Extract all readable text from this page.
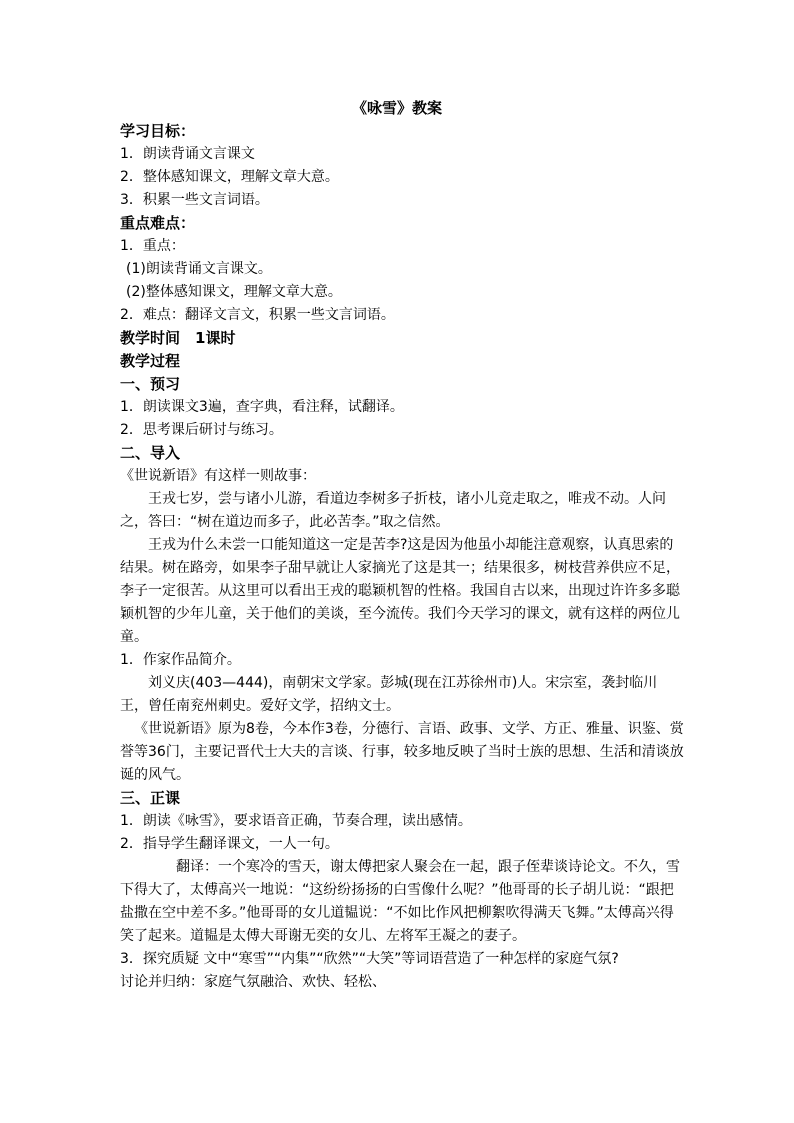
《咏雪》教案

学习目标：

1．朗读背诵文言课文

2．整体感知课文，理解文章大意。

3．积累一些文言词语。

重点难点：

1．重点：

(1)朗读背诵文言课文。

(2)整体感知课文，理解文章大意。

2．难点：翻译文言文，积累一些文言词语。

教学时间　1课时

教学过程

一、预习

1．朗读课文3遍，查字典，看注释，试翻译。

2．思考课后研讨与练习。

二、导入

《世说新语》有这样一则故事：

王戎七岁，尝与诸小儿游，看道边李树多子折枝，诸小儿竞走取之，唯戎不动。人问之，答曰：“树在道边而多子，此必苦李。”取之信然。

王戎为什么未尝一口能知道这一定是苦李?这是因为他虽小却能注意观察，认真思索的结果。树在路旁，如果李子甜早就让人家摘光了这是其一；结果很多，树枝营养供应不足，李子一定很苦。从这里可以看出王戎的聪颖机智的性格。我国自古以来，出现过许许多多聪颖机智的少年儿童，关于他们的美谈，至今流传。我们今天学习的课文，就有这样的两位儿童。

1．作家作品简介。

刘义庆(403—444)，南朝宋文学家。彭城(现在江苏徐州市)人。宋宗室，袭封临川王，曾任南兖州刺史。爱好文学，招纳文士。

《世说新语》原为8卷，今本作3卷，分德行、言语、政事、文学、方正、雅量、识鉴、赏誉等36门，主要记晋代士大夫的言谈、行事，较多地反映了当时士族的思想、生活和清谈放诞的风气。

三、正课

1．朗读《咏雪》，要求语音正确，节奏合理，读出感情。

2．指导学生翻译课文，一人一句。

翻译：一个寒冷的雪天，谢太傅把家人聚会在一起，跟子侄辈谈诗论文。不久，雪下得大了，太傅高兴一地说：“这纷纷扬扬的白雪像什么呢？”他哥哥的长子胡儿说：“跟把盐撒在空中差不多。”他哥哥的女儿道韫说：“不如比作风把柳絮吹得满天飞舞。”太傅高兴得笑了起来。道韫是太傅大哥谢无奕的女儿、左将军王凝之的妻子。

3．探究质疑 文中“寒雪”“内集”“欣然”“大笑”等词语营造了一种怎样的家庭气氛?

讨论并归纳：家庭气氛融洽、欢快、轻松、
